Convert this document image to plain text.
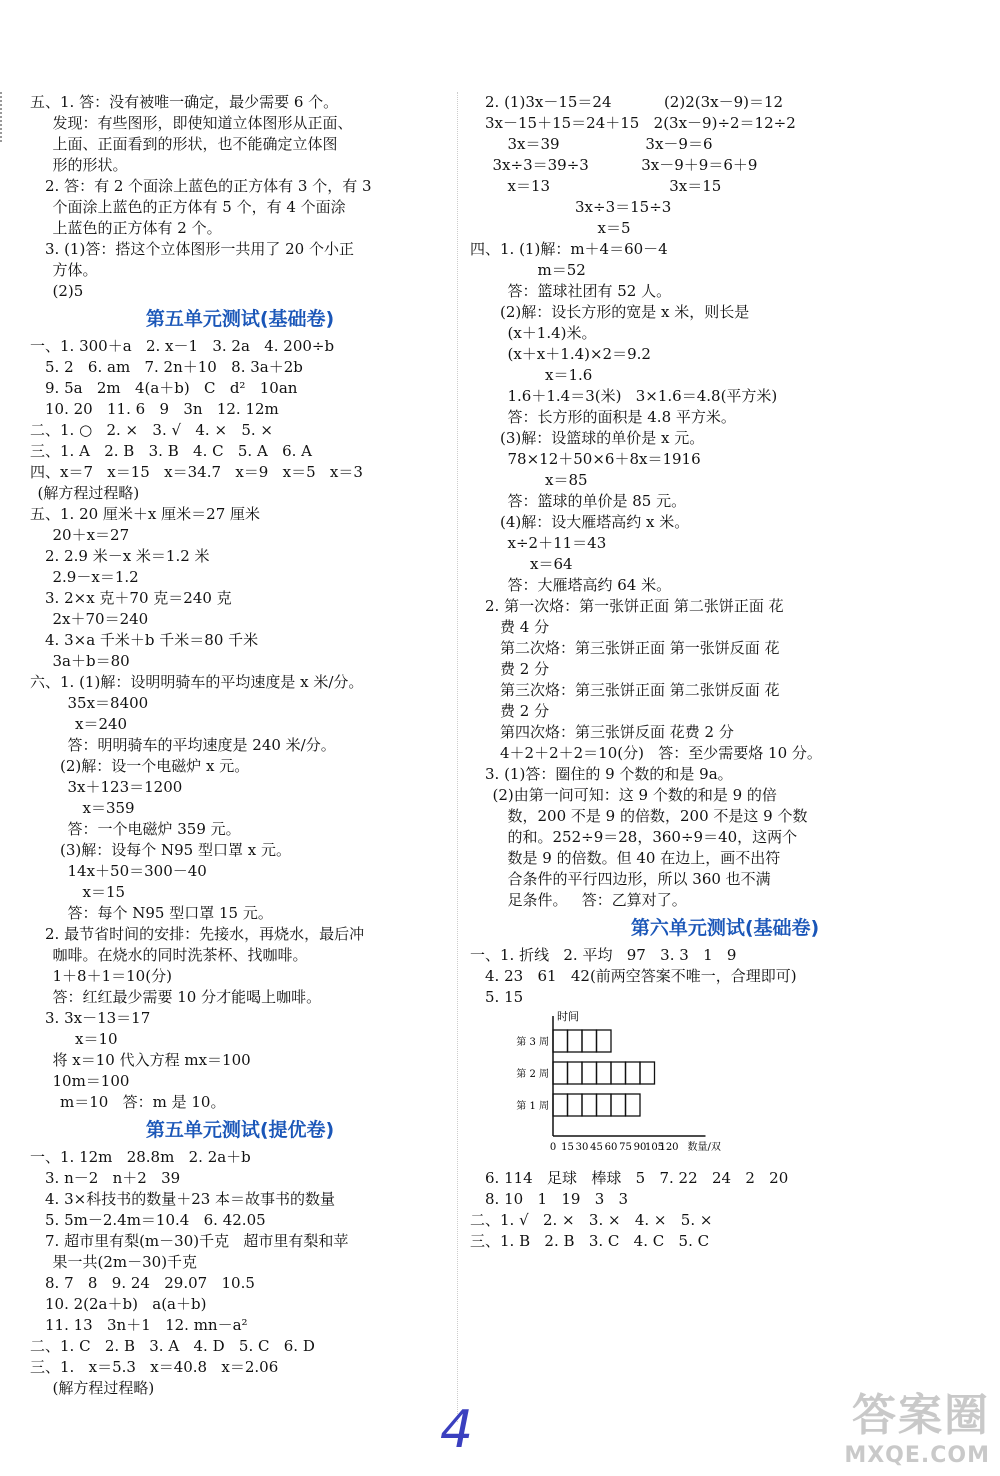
五、1. 答：没有被唯一确定，最少需要 6 个。
发现：有些图形，即使知道立体图形从正面、
上面、正面看到的形状，也不能确定立体图
形的形状。
2. 答：有 2 个面涂上蓝色的正方体有 3 个，有 3
个面涂上蓝色的正方体有 5 个，有 4 个面涂
上蓝色的正方体有 2 个。
3. (1)答：搭这个立体图形一共用了 20 个小正
方体。
(2)5
第五单元测试(基础卷)
一、1. 300＋a   2. x－1   3. 2a   4. 200÷b
5. 2   6. am   7. 2n＋10   8. 3a＋2b
9. 5a   2m   4(a＋b)   C   d²   10an
10. 20   11. 6   9   3n   12. 12m
二、1. ○   2. ×   3. √   4. ×   5. ×
三、1. A   2. B   3. B   4. C   5. A   6. A
四、x＝7   x＝15   x＝34.7   x＝9   x＝5   x＝3
(解方程过程略)
五、1. 20 厘米＋x 厘米＝27 厘米
20＋x＝27
2. 2.9 米－x 米＝1.2 米
2.9－x＝1.2
3. 2×x 克＋70 克＝240 克
2x＋70＝240
4. 3×a 千米＋b 千米＝80 千米
3a＋b＝80
六、1. (1)解：设明明骑车的平均速度是 x 米/分。
35x＝8400
x＝240
答：明明骑车的平均速度是 240 米/分。
(2)解：设一个电磁炉 x 元。
3x＋123＝1200
x＝359
答：一个电磁炉 359 元。
(3)解：设每个 N95 型口罩 x 元。
14x＋50＝300－40
x＝15
答：每个 N95 型口罩 15 元。
2. 最节省时间的安排：先接水，再烧水，最后冲
咖啡。在烧水的同时洗茶杯、找咖啡。
1＋8＋1＝10(分)
答：红红最少需要 10 分才能喝上咖啡。
3. 3x－13＝17
x＝10
将 x＝10 代入方程 mx＝100
10m＝100
m＝10   答：m 是 10。
第五单元测试(提优卷)
一、1. 12m   28.8m   2. 2a＋b
3. n－2   n＋2   39
4. 3×科技书的数量＋23 本＝故事书的数量
5. 5m－2.4m＝10.4   6. 42.05
7. 超市里有梨(m－30)千克   超市里有梨和苹
果一共(2m－30)千克
8. 7   8   9. 24   29.07   10.5
10. 2(2a＋b)   a(a＋b)
11. 13   3n＋1   12. mn－a²
二、1. C   2. B   3. A   4. D   5. C   6. D
三、1.   x＝5.3   x＝40.8   x＝2.06
(解方程过程略)
2. (1)3x－15＝24           (2)2(3x－9)＝12
3x－15＋15＝24＋15   2(3x－9)÷2＝12÷2
3x＝39                  3x－9＝6
3x÷3＝39÷3           3x－9＋9＝6＋9
x＝13                         3x＝15
3x÷3＝15÷3
x＝5
四、1. (1)解：m＋4＝60－4
m＝52
答：篮球社团有 52 人。
(2)解：设长方形的宽是 x 米，则长是
(x＋1.4)米。
(x＋x＋1.4)×2＝9.2
x＝1.6
1.6＋1.4＝3(米)   3×1.6＝4.8(平方米)
答：长方形的面积是 4.8 平方米。
(3)解：设篮球的单价是 x 元。
78×12＋50×6＋8x＝1916
x＝85
答：篮球的单价是 85 元。
(4)解：设大雁塔高约 x 米。
x÷2＋11＝43
x＝64
答：大雁塔高约 64 米。
2. 第一次烙：第一张饼正面 第二张饼正面 花
费 4 分
第二次烙：第三张饼正面 第一张饼反面 花
费 2 分
第三次烙：第三张饼正面 第二张饼反面 花
费 2 分
第四次烙：第三张饼反面 花费 2 分
4＋2＋2＋2＝10(分)   答：至少需要烙 10 分。
3. (1)答：圈住的 9 个数的和是 9a。
(2)由第一问可知：这 9 个数的和是 9 的倍
数，200 不是 9 的倍数，200 不是这 9 个数
的和。252÷9＝28，360÷9＝40，这两个
数是 9 的倍数。但 40 在边上，画不出符
合条件的平行四边形，所以 360 也不满
足条件。   答：乙算对了。
第六单元测试(基础卷)
一、1. 折线   2. 平均   97   3. 3   1   9
4. 23   61   42(前两空答案不唯一，合理即可)
5. 15
时间
0 15 30 45 60 75 90
105
120 数量/双
第 3 周
第 2 周
第 1 周
6. 114   足球   棒球   5   7. 22   24   2   20
8. 10   1   19   3   3
二、1. √   2. ×   3. ×   4. ×   5. ×
三、1. B   2. B   3. C   4. C   5. C
4	答案圈
MXQE.COM
